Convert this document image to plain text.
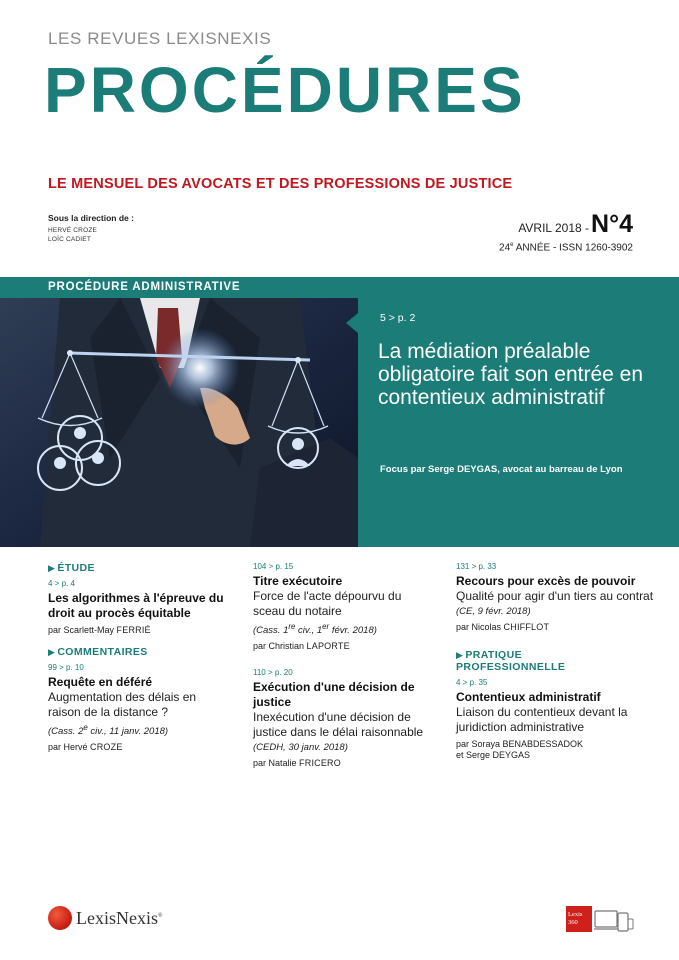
LES REVUES LEXISNEXIS
PROCÉDURES
LE MENSUEL DES AVOCATS ET DES PROFESSIONS DE JUSTICE
Sous la direction de :
HERVÉ CROZE
LOÏC CADIET
AVRIL 2018 - N°4
24e ANNÉE - ISSN 1260-3902
PROCÉDURE ADMINISTRATIVE
5 > p. 2
La médiation préalable obligatoire fait son entrée en contentieux administratif
Focus par Serge DEYGAS, avocat au barreau de Lyon
▶ ÉTUDE
4 > p. 4
Les algorithmes à l'épreuve du droit au procès équitable
par Scarlett-May FERRIÉ
▶ COMMENTAIRES
99 > p. 10
Requête en déféré
Augmentation des délais en raison de la distance ?
(Cass. 2e civ., 11 janv. 2018)
par Hervé CROZE
104 > p. 15
Titre exécutoire
Force de l'acte dépourvu du sceau du notaire
(Cass. 1re civ., 1er févr. 2018)
par Christian LAPORTE
110 > p. 20
Exécution d'une décision de justice
Inexécution d'une décision de justice dans le délai raisonnable
(CEDH, 30 janv. 2018)
par Natalie FRICERO
131 > p. 33
Recours pour excès de pouvoir
Qualité pour agir d'un tiers au contrat
(CE, 9 févr. 2018)
par Nicolas CHIFFLOT
▶ PRATIQUE PROFESSIONNELLE
4 > p. 35
Contentieux administratif
Liaison du contentieux devant la juridiction administrative
par Soraya BENABDESSADOK
et Serge DEYGAS
LexisNexis®	Lexis 360
